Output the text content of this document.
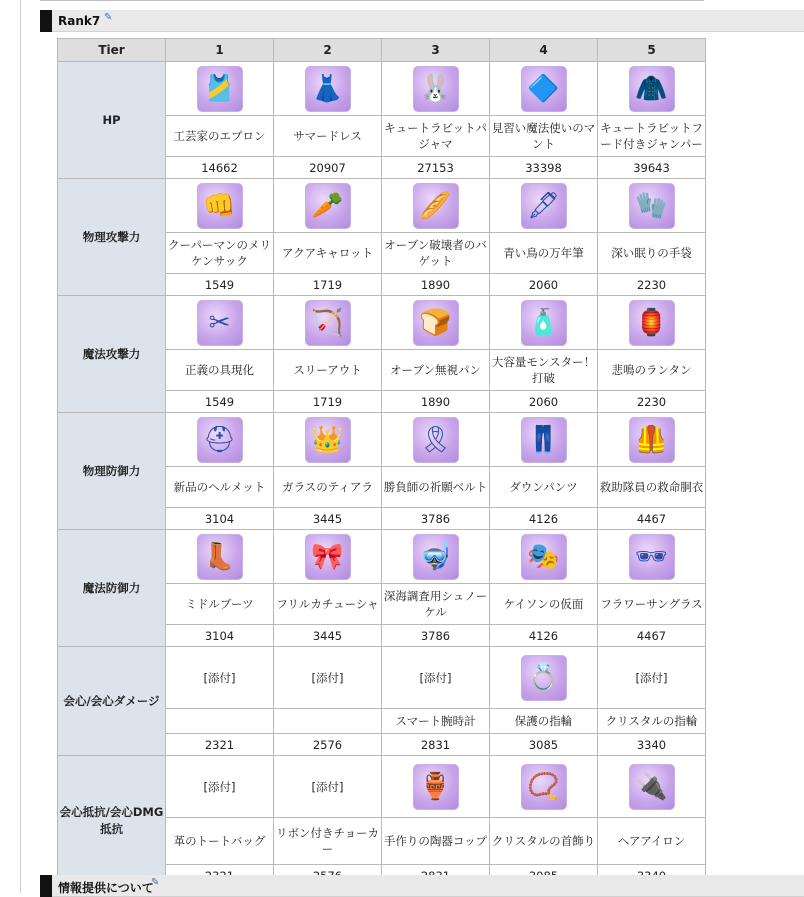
Rank7 ✎
Tier	1	2	3	4	5
HP	🎽	👗	🐰	🔷	🧥

	工芸家のエプロン	サマードレス	キュートラビットパジャマ	見習い魔法使いのマント	キュートラビットフード付きジャンパー
	14662	20907	27153	33398	39643
物理攻撃力	👊	🥕	🥖	🖋	🧤

	クーパーマンのメリケンサック	アクアキャロット	オーブン破壊者のバゲット	青い鳥の万年筆	深い眠りの手袋
	1549	1719	1890	2060	2230
魔法攻撃力	✂	🏹	🍞	🧴	🏮

	正義の具現化	スリーアウト	オーブン無視パン	大容量モンスター！打破	悲鳴のランタン
	1549	1719	1890	2060	2230
物理防御力	⛑	👑	🎗	👖	🦺

	新品のヘルメット	ガラスのティアラ	勝負師の祈願ベルト	ダウンパンツ	救助隊員の救命胴衣
	3104	3445	3786	4126	4467
魔法防御力	👢	🎀	🤿	🎭	🕶

	ミドルブーツ	フリルカチューシャ	深海調査用シュノーケル	ケイソンの仮面	フラワーサングラス
	3104	3445	3786	4126	4467
会心/会心ダメージ	[添付]	[添付]	[添付]	💍	[添付]
			スマート腕時計	保護の指輪	クリスタルの指輪
	2321	2576	2831	3085	3340
会心抵抗/会心DMG抵抗	[添付]	[添付]	🏺	📿	🔌

	革のトートバッグ	リボン付きチョーカー	手作りの陶器コップ	クリスタルの首飾り	ヘアアイロン

情報提供について
✎
